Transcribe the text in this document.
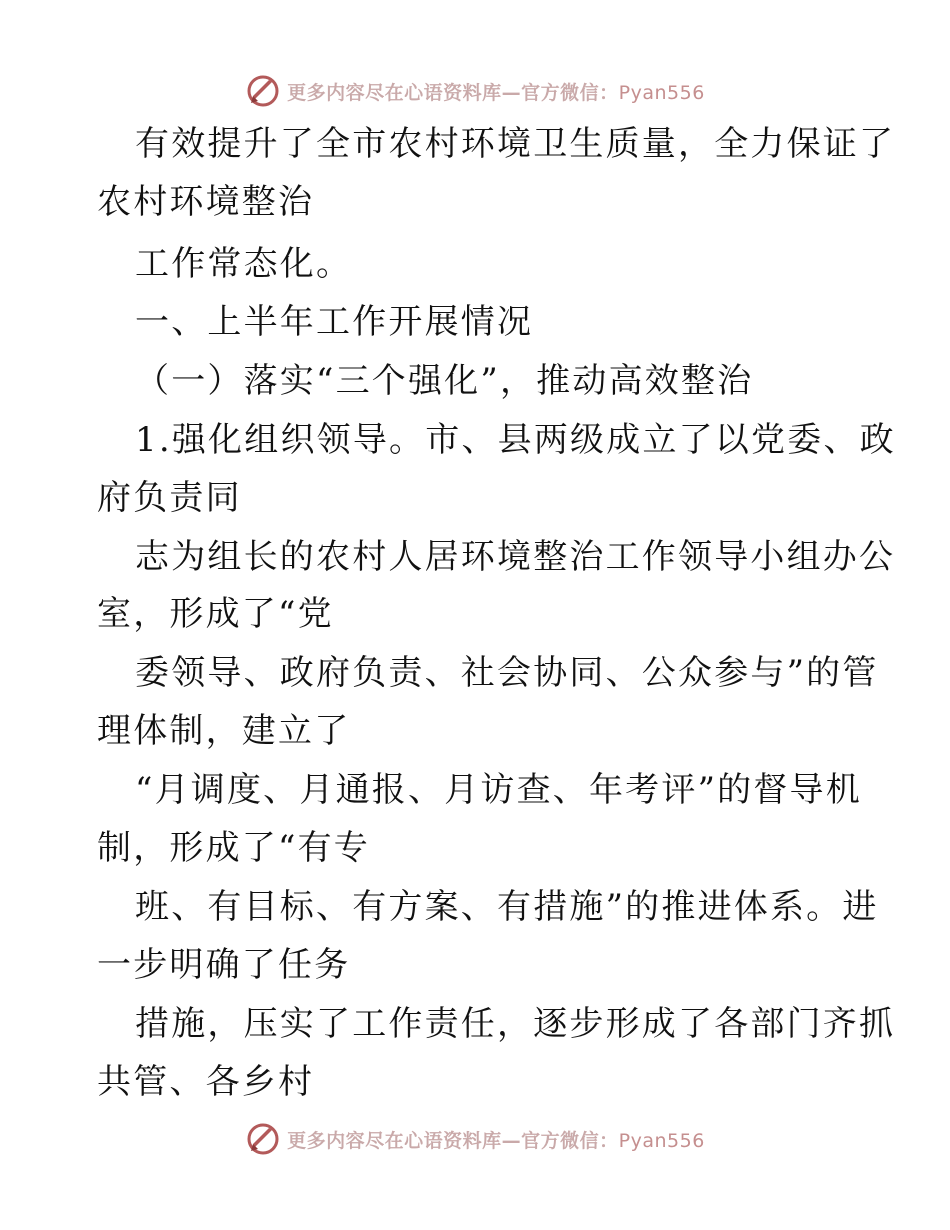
更多内容尽在心语资料库—官方微信：Pyan556
有效提升了全市农村环境卫生质量，全力保证了
农村环境整治
工作常态化。
一、上半年工作开展情况
（一）落实“三个强化”，推动高效整治
1.强化组织领导。市、县两级成立了以党委、政
府负责同
志为组长的农村人居环境整治工作领导小组办公
室，形成了“党
委领导、政府负责、社会协同、公众参与”的管
理体制，建立了
“月调度、月通报、月访查、年考评”的督导机
制，形成了“有专
班、有目标、有方案、有措施”的推进体系。进
一步明确了任务
措施，压实了工作责任，逐步形成了各部门齐抓
共管、各乡村
更多内容尽在心语资料库—官方微信：Pyan556
